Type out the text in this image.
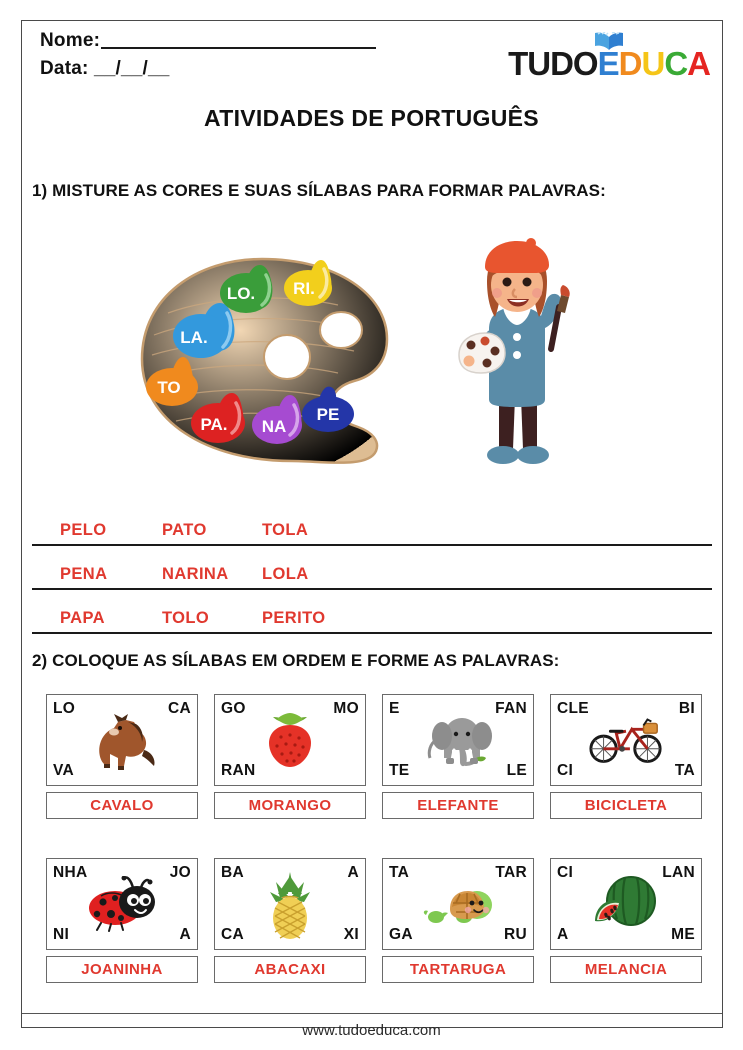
Nome:
Data: __/__/__	TUDO E D U C A
ATIVIDADES DE PORTUGUÊS
1) MISTURE AS CORES E SUAS SÍLABAS PARA FORMAR PALAVRAS:
LA.
LO. RI.
TO
PA. NA
PE
PELO	PATO	TOLA
PENA	NARINA LOLA
PAPA	TOLO	PERITO
2) COLOQUE AS SÍLABAS EM ORDEM E FORME AS PALAVRAS:
LO	CA
VA
CAVALO
GO	MO
RAN
MORANGO
E	FAN
TE	LE
ELEFANTE
CLE	BI
CI	TA
BICICLETA
NHA	JO
NI	A
JOANINHA
BA	A
CA	XI
ABACAXI
TA	TAR
GA	RU
TARTARUGA
CI	LAN
A	ME
MELANCIA
www.tudoeduca.com
